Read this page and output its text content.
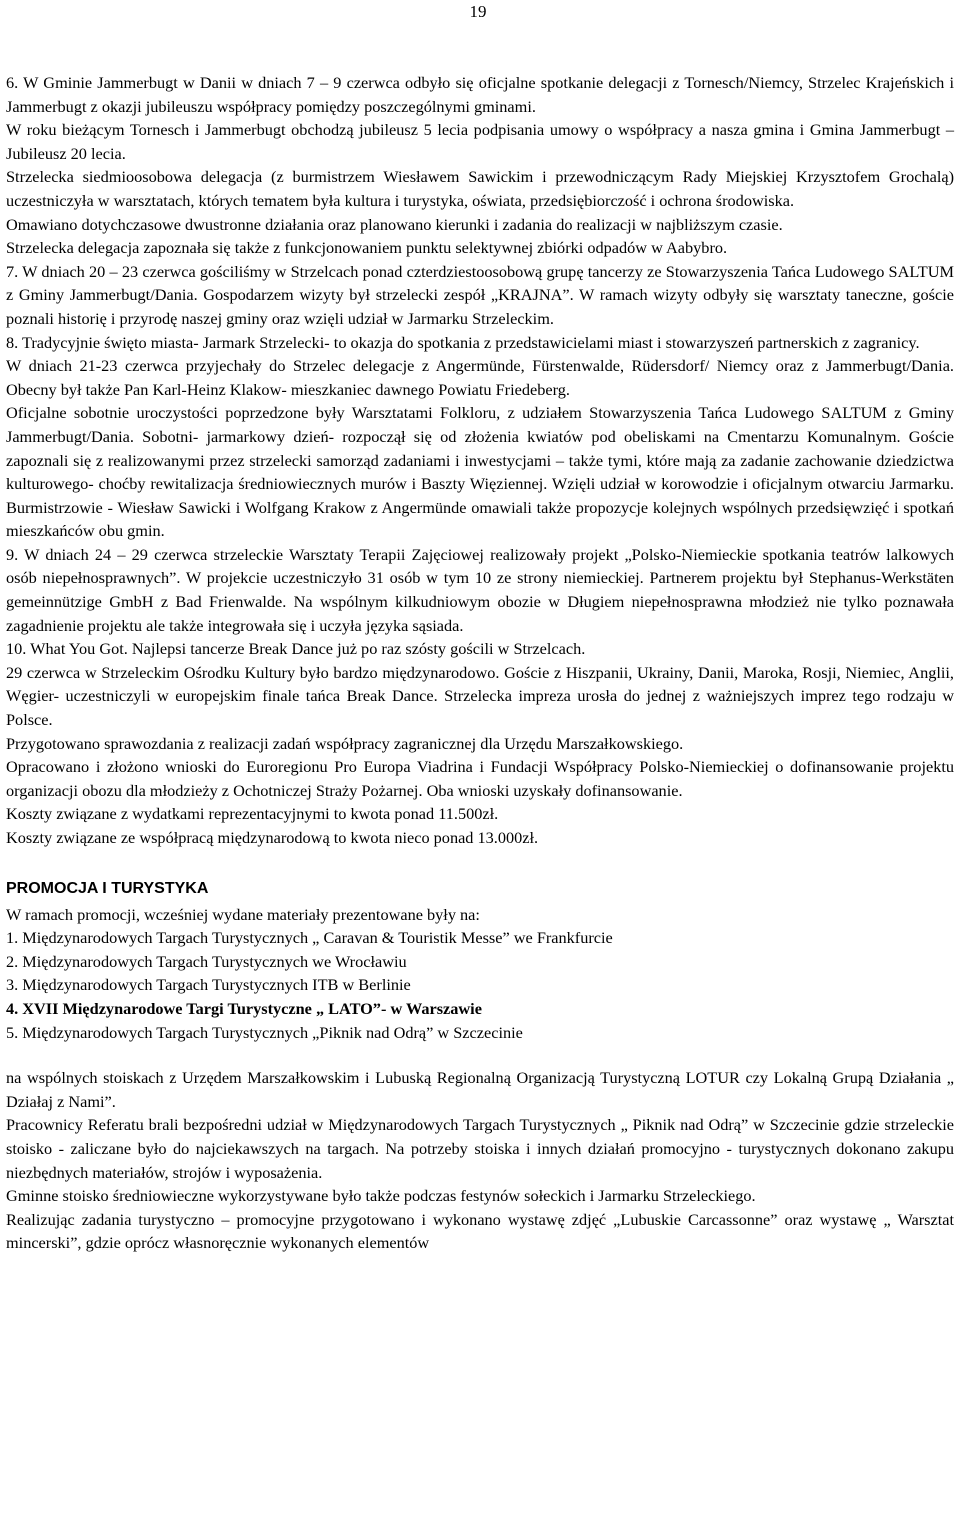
19

6. W Gminie Jammerbugt w Danii w dniach 7 – 9 czerwca odbyło się oficjalne spotkanie delegacji z Tornesch/Niemcy, Strzelec Krajeńskich i Jammerbugt z okazji jubileuszu współpracy pomiędzy poszczególnymi gminami.

W roku bieżącym Tornesch i Jammerbugt obchodzą jubileusz 5 lecia podpisania umowy o współpracy a nasza gmina i Gmina Jammerbugt –Jubileusz 20 lecia.

Strzelecka siedmioosobowa delegacja (z burmistrzem Wiesławem Sawickim i przewodniczącym Rady Miejskiej Krzysztofem Grochalą) uczestniczyła w warsztatach, których tematem była kultura i turystyka, oświata, przedsiębiorczość i ochrona środowiska.

Omawiano dotychczasowe dwustronne działania oraz planowano kierunki i zadania do realizacji w najbliższym czasie.

Strzelecka delegacja zapoznała się także z funkcjonowaniem punktu selektywnej zbiórki odpadów w Aabybro.

7. W dniach 20 – 23 czerwca gościliśmy w Strzelcach ponad czterdziestoosobową grupę tancerzy ze Stowarzyszenia Tańca Ludowego SALTUM z Gminy Jammerbugt/Dania. Gospodarzem wizyty był strzelecki zespół „KRAJNA”. W ramach wizyty odbyły się warsztaty taneczne, goście poznali historię i przyrodę naszej gminy oraz wzięli udział w Jarmarku Strzeleckim.

8. Tradycyjnie święto miasta- Jarmark Strzelecki- to okazja do spotkania z przedstawicielami miast i stowarzyszeń partnerskich z zagranicy.

W dniach 21-23 czerwca przyjechały do Strzelec delegacje z Angermünde, Fürstenwalde, Rüdersdorf/ Niemcy oraz z Jammerbugt/Dania. Obecny był także Pan Karl-Heinz Klakow- mieszkaniec dawnego Powiatu Friedeberg.

Oficjalne sobotnie uroczystości poprzedzone były Warsztatami Folkloru, z udziałem Stowarzyszenia Tańca Ludowego SALTUM z Gminy Jammerbugt/Dania. Sobotni- jarmarkowy dzień- rozpoczął się od złożenia kwiatów pod obeliskami na Cmentarzu Komunalnym. Goście zapoznali się z realizowanymi przez strzelecki samorząd zadaniami i inwestycjami – także tymi, które mają za zadanie zachowanie dziedzictwa kulturowego- choćby rewitalizacja średniowiecznych murów i Baszty Więziennej. Wzięli udział w korowodzie i oficjalnym otwarciu Jarmarku. Burmistrzowie - Wiesław Sawicki i Wolfgang Krakow z Angermünde omawiali także propozycje kolejnych wspólnych przedsięwzięć i spotkań mieszkańców obu gmin.

9. W dniach 24 – 29 czerwca strzeleckie Warsztaty Terapii Zajęciowej realizowały projekt „Polsko-Niemieckie spotkania teatrów lalkowych osób niepełnosprawnych”. W projekcie uczestniczyło 31 osób w tym 10 ze strony niemieckiej. Partnerem projektu był Stephanus-Werkstäten gemeinnützige GmbH z Bad Frienwalde. Na wspólnym kilkudniowym obozie w Długiem niepełnosprawna młodzież nie tylko poznawała zagadnienie projektu ale także integrowała się i uczyła języka sąsiada.

10. What You Got. Najlepsi tancerze Break Dance już po raz szósty gościli w Strzelcach.

29 czerwca w Strzeleckim Ośrodku Kultury było bardzo międzynarodowo. Goście z Hiszpanii, Ukrainy, Danii, Maroka, Rosji, Niemiec, Anglii, Węgier- uczestniczyli w europejskim finale tańca Break Dance. Strzelecka impreza urosła do jednej z ważniejszych imprez tego rodzaju w Polsce.

Przygotowano sprawozdania z realizacji zadań współpracy zagranicznej dla Urzędu Marszałkowskiego.

Opracowano i złożono wnioski do Euroregionu Pro Europa Viadrina i Fundacji Współpracy Polsko-Niemieckiej o dofinansowanie projektu organizacji obozu dla młodzieży z Ochotniczej Straży Pożarnej. Oba wnioski uzyskały dofinansowanie.

Koszty związane z wydatkami reprezentacyjnymi to kwota ponad 11.500zł.

Koszty związane ze współpracą międzynarodową to kwota nieco ponad 13.000zł.

PROMOCJA I TURYSTYKA

W ramach promocji, wcześniej wydane materiały prezentowane były na:

1. Międzynarodowych Targach Turystycznych „ Caravan & Touristik Messe” we Frankfurcie

2. Międzynarodowych Targach Turystycznych we Wrocławiu

3. Międzynarodowych Targach Turystycznych ITB w Berlinie

4. XVII Międzynarodowe Targi Turystyczne „ LATO”- w Warszawie

5. Międzynarodowych Targach Turystycznych „Piknik nad Odrą” w Szczecinie

na wspólnych stoiskach z Urzędem Marszałkowskim i Lubuską Regionalną Organizacją Turystyczną LOTUR czy Lokalną Grupą Działania „ Działaj z Nami”.

Pracownicy Referatu brali bezpośredni udział w Międzynarodowych Targach Turystycznych „ Piknik nad Odrą” w Szczecinie gdzie strzeleckie stoisko - zaliczane było do najciekawszych na targach. Na potrzeby stoiska i innych działań promocyjno - turystycznych dokonano zakupu niezbędnych materiałów, strojów i wyposażenia.

Gminne stoisko średniowieczne wykorzystywane było także podczas festynów sołeckich i Jarmarku Strzeleckiego.

Realizując zadania turystyczno – promocyjne przygotowano i wykonano wystawę zdjęć „Lubuskie Carcassonne” oraz wystawę „ Warsztat mincerski”, gdzie oprócz własnoręcznie wykonanych elementów
